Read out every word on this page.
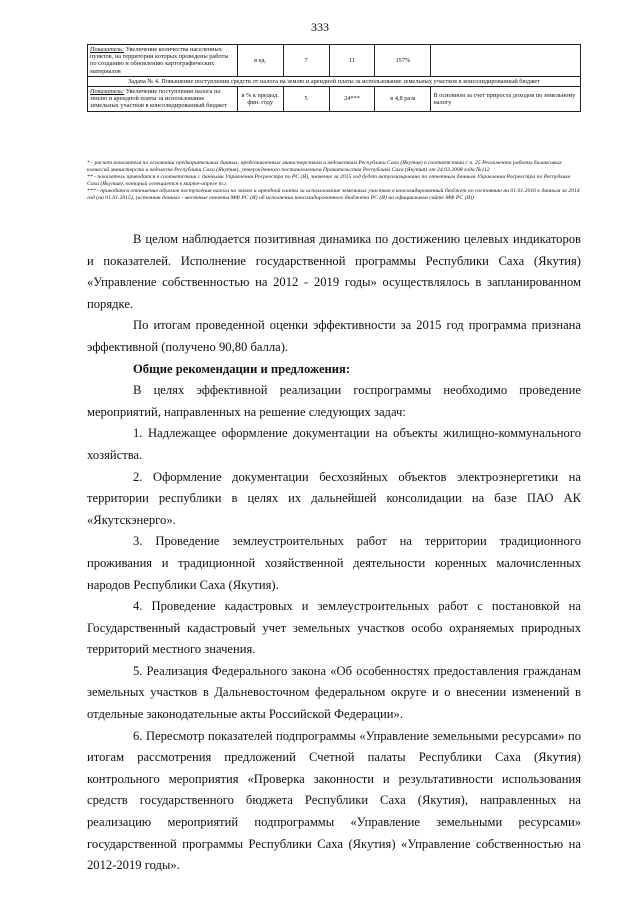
333
Показатель: Увеличение количества населенных пунктов, на территории которых проведены работы по созданию и обновлению картографических материалов	в ед.	7	11	157%	
Задача № 4. Повышение поступления средств от налога на землю и арендной платы за использование земельных участков в консолидированный бюджет					
Показатель: Увеличение поступления налога на землю и арендной платы за использование земельных участков в консолидированный бюджет	в % к предыд. фин. году	5	24***	в 4,8 раза	В основном за счет прироста доходов по земельному налогу

* - расчет показателя по основании предварительных данных, представленных министерствам и ведомствам Республики Саха (Якутия) в соответствии с п. 25 Регламента работы балансовых комиссий министерств и ведомств Республики Саха (Якутия), утвержденного постановлением Правительства Республики Саха (Якутия) от 24.03.2008 года №112

** - показатель приводится в соответствии с данными Управления Росреестра по РС (Я), значение за 2015 год будет актуализировано по отчетным данным Управления Росреестра по Республике Саха (Якутия), который освещается в марте-апреле т.г.

*** - приводится отношение объемов поступления налога на землю и арендной платы за использование земельных участков в консолидированный бюджет по состоянию на 01.01.2016 к данным за 2014 год (на 01.01.2015), (источник данных - месячные отчеты МФ РС (Я) об исполнении консолидированного бюджета РС (Я) на официальном сайте МФ РС (Я))

В целом наблюдается позитивная динамика по достижению целевых индикаторов и показателей. Исполнение государственной программы Республики Саха (Якутия) «Управление собственностью на 2012 - 2019 годы» осуществлялось в запланированном порядке.

По итогам проведенной оценки эффективности за 2015 год программа признана эффективной (получено 90,80 балла).

Общие рекомендации и предложения:

В целях эффективной реализации госпрограммы необходимо проведение мероприятий, направленных на решение следующих задач:

1. Надлежащее оформление документации на объекты жилищно-коммунального хозяйства.

2. Оформление документации бесхозяйных объектов электроэнергетики на территории республики в целях их дальнейшей консолидации на базе ПАО АК «Якутскэнерго».

3. Проведение землеустроительных работ на территории традиционного проживания и традиционной хозяйственной деятельности коренных малочисленных народов Республики Саха (Якутия).

4. Проведение кадастровых и землеустроительных работ с постановкой на Государственный кадастровый учет земельных участков особо охраняемых природных территорий местного значения.

5. Реализация Федерального закона «Об особенностях предоставления гражданам земельных участков в Дальневосточном федеральном округе и о внесении изменений в отдельные законодательные акты Российской Федерации».

6. Пересмотр показателей подпрограммы «Управление земельными ресурсами» по итогам рассмотрения предложений Счетной палаты Республики Саха (Якутия) контрольного мероприятия «Проверка законности и результативности использования средств государственного бюджета Республики Саха (Якутия), направленных на реализацию мероприятий подпрограммы «Управление земельными ресурсами» государственной программы Республики Саха (Якутия) «Управление собственностью на 2012-2019 годы».
